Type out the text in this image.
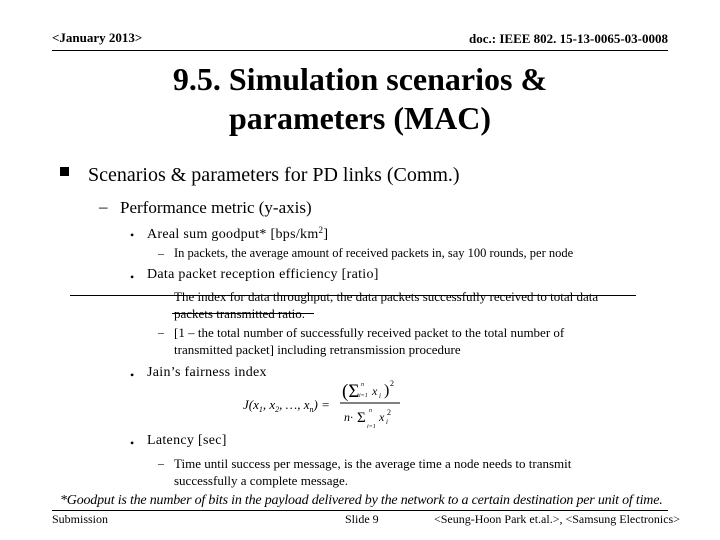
<January 2013>	doc.: IEEE 802. 15-13-0065-03-0008
9.5. Simulation scenarios &
parameters (MAC)
Scenarios & parameters for PD links (Comm.)
– Performance metric (y-axis)
• Areal sum goodput* $[bps/km^2]$
– In packets, the average amount of received packets in, say 100 rounds, per node
• Data packet reception efficiency [ratio]
The index for data throughput, the data packets successfully received to total data
packets transmitted ratio.
– [1 – the total number of successfully received packet to the total number of
transmitted packet] including retransmission procedure
• Jain’s fairness index
$J(x_1$, $x_2$, …, $x_n$) =
(Σ n
i=1 x i ) 2
n· Σ n
i=1
x i
2
• Latency [sec]
– Time until success per message, is the average time a node needs to transmit
successfully a complete message.
*Goodput is the number of bits in the payload delivered by the network to a certain destination per unit of time.
Submission	Slide 9	<Seung-Hoon Park et.al.>, <Samsung Electronics>
